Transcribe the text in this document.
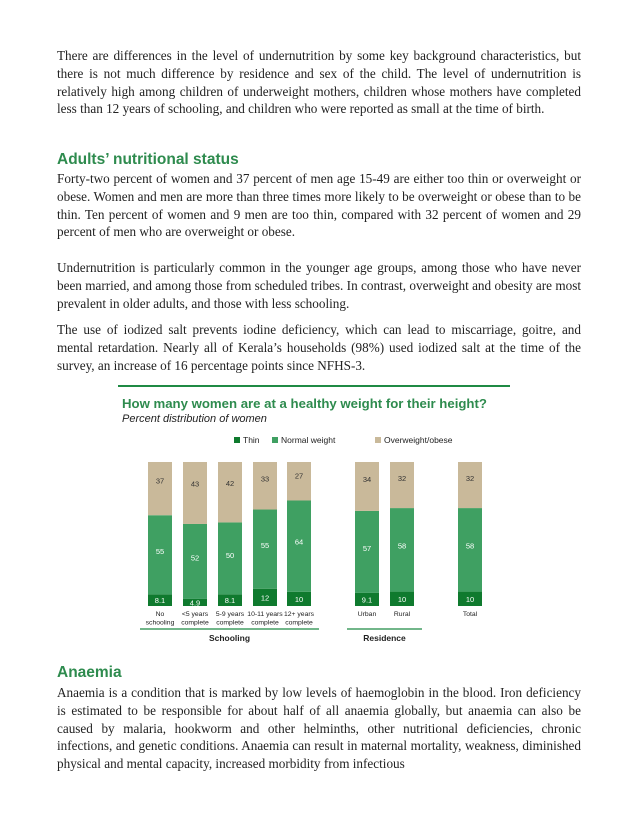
There are differences in the level of undernutrition by some key background characteristics, but there is not much difference by residence and sex of the child. The level of undernutrition is relatively high among children of underweight mothers, children whose mothers have completed less than 12 years of schooling, and children who were reported as small at the time of birth.

Adults’ nutritional status

Forty-two percent of women and 37 percent of men age 15-49 are either too thin or overweight or obese. Women and men are more than three times more likely to be overweight or obese than to be thin. Ten percent of women and 9 men are too thin, compared with 32 percent of women and 29 percent of men who are overweight or obese.

Undernutrition is particularly common in the younger age groups, among those who have never been married, and among those from scheduled tribes. In contrast, overweight and obesity are most prevalent in older adults, and those with less schooling.

The use of iodized salt prevents iodine deficiency, which can lead to miscarriage, goitre, and mental retardation. Nearly all of Kerala’s households (98%) used iodized salt at the time of the survey, an increase of 16 percentage points since NFHS-3.

How many women are at a healthy weight for their height?
Percent distribution of women
Thin	Normal weight	Overweight/obese
8.1
55
37
No
schooling
4.9
52
43
<5 years
complete
8.1
50
42
5-9 years
complete
12
55
33
10-11 years
complete
10
64
27
12+ years
complete
9.1
57
34
Urban
10
58
32
Rural
10
58
32
Total
Schooling	Residence
Anaemia

Anaemia is a condition that is marked by low levels of haemoglobin in the blood. Iron deficiency is estimated to be responsible for about half of all anaemia globally, but anaemia can also be caused by malaria, hookworm and other helminths, other nutritional deficiencies, chronic infections, and genetic conditions. Anaemia can result in maternal mortality, weakness, diminished physical and mental capacity, increased morbidity from infectious
